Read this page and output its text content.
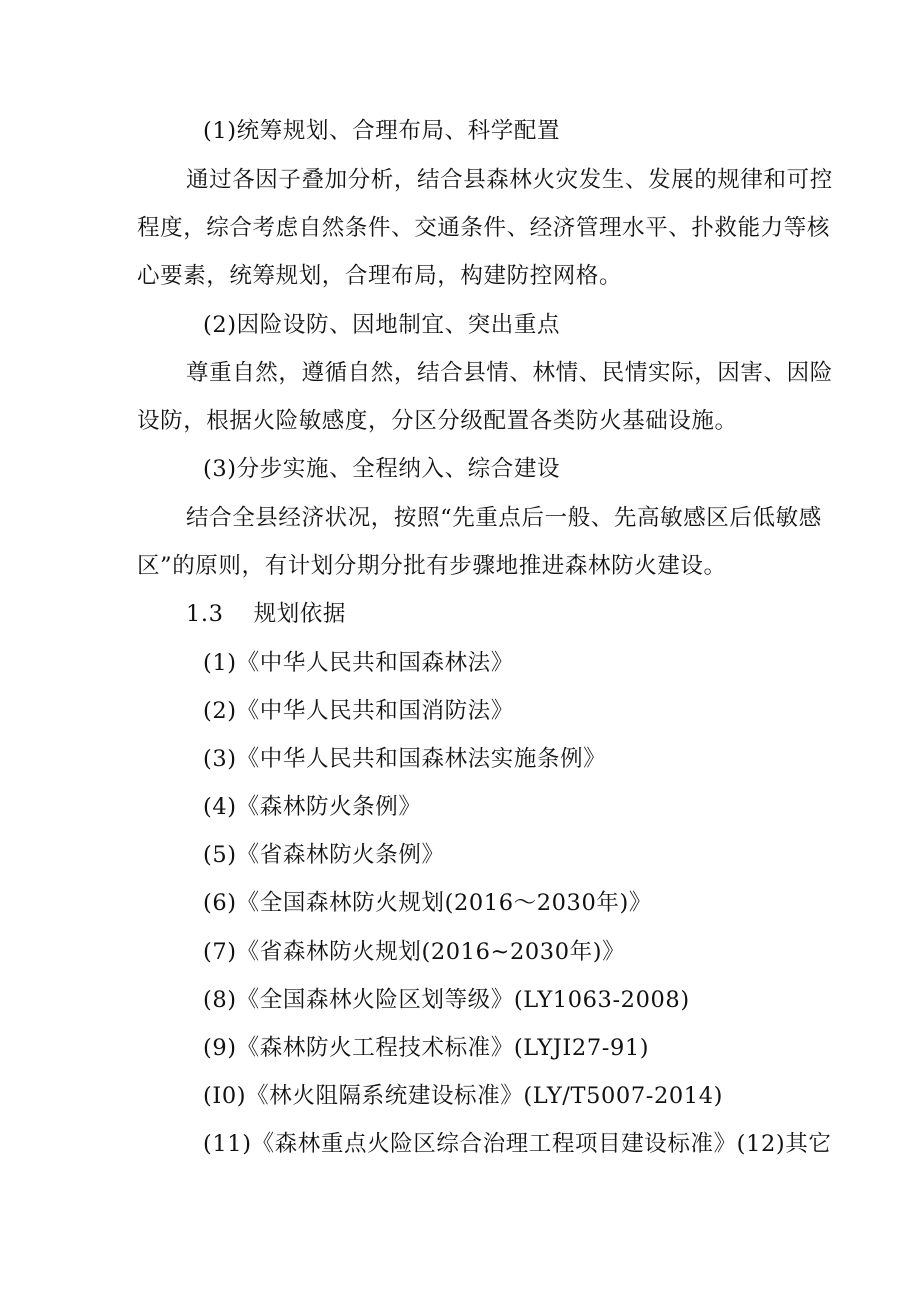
(1)统筹规划、合理布局、科学配置
通过各因子叠加分析，结合县森林火灾发生、发展的规律和可控
程度，综合考虑自然条件、交通条件、经济管理水平、扑救能力等核
心要素，统筹规划，合理布局，构建防控网格。
(2)因险设防、因地制宜、突出重点
尊重自然，遵循自然，结合县情、林情、民情实际，因害、因险
设防，根据火险敏感度，分区分级配置各类防火基础设施。
(3)分步实施、全程纳入、综合建设
结合全县经济状况，按照“先重点后一般、先高敏感区后低敏感
区”的原则，有计划分期分批有步骤地推进森林防火建设。
1.3 规划依据
(1)《中华人民共和国森林法》
(2)《中华人民共和国消防法》
(3)《中华人民共和国森林法实施条例》
(4)《森林防火条例》
(5)《省森林防火条例》
(6)《全国森林防火规划(2016～2030年)》
(7)《省森林防火规划(2016~2030年)》
(8)《全国森林火险区划等级》(LY1063-2008)
(9)《森林防火工程技术标准》(LYJI27-91)
(I0)《林火阻隔系统建设标准》(LY/T5007-2014)
(11)《森林重点火险区综合治理工程项目建设标准》(12)其它
